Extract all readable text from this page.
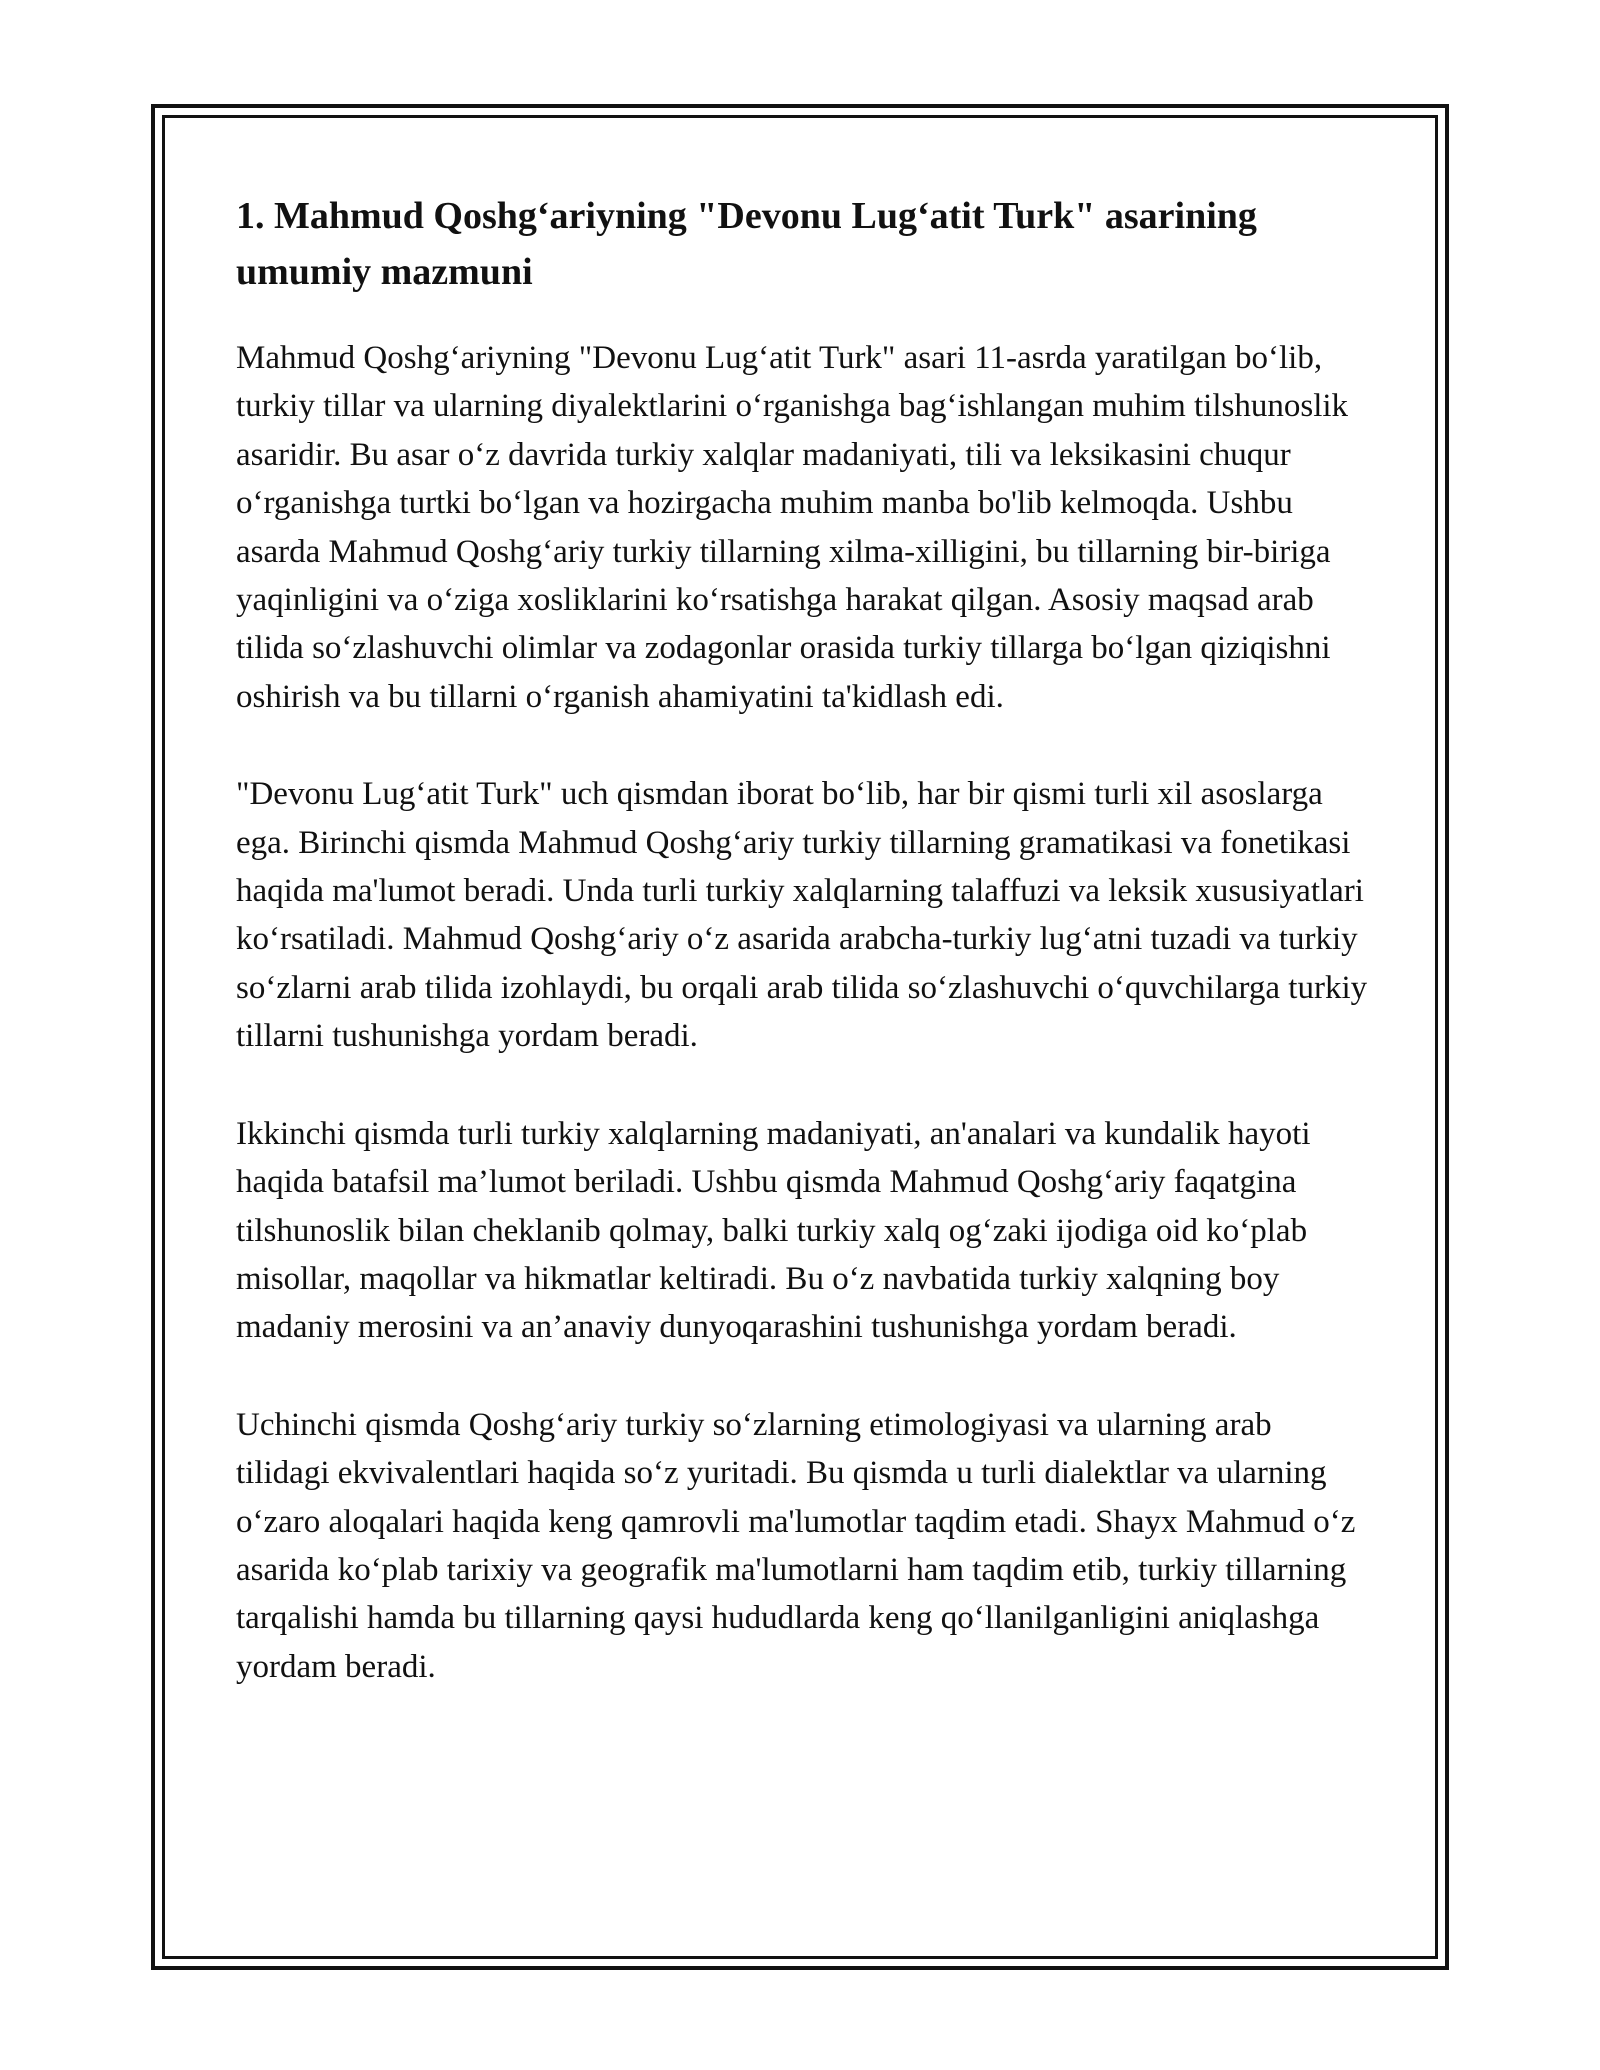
1. Mahmud Qoshg‘ariyning "Devonu Lug‘atit Turk" asarining umumiy mazmuni

Mahmud Qoshg‘ariyning "Devonu Lug‘atit Turk" asari 11-asrda yaratilgan bo‘lib, turkiy tillar va ularning diyalektlarini o‘rganishga bag‘ishlangan muhim tilshunoslik asaridir. Bu asar o‘z davrida turkiy xalqlar madaniyati, tili va leksikasini chuqur o‘rganishga turtki bo‘lgan va hozirgacha muhim manba bo'lib kelmoqda. Ushbu asarda Mahmud Qoshg‘ariy turkiy tillarning xilma-xilligini, bu tillarning bir-biriga yaqinligini va o‘ziga xosliklarini ko‘rsatishga harakat qilgan. Asosiy maqsad arab tilida so‘zlashuvchi olimlar va zodagonlar orasida turkiy tillarga bo‘lgan qiziqishni oshirish va bu tillarni o‘rganish ahamiyatini ta'kidlash edi.

"Devonu Lug‘atit Turk" uch qismdan iborat bo‘lib, har bir qismi turli xil asoslarga ega. Birinchi qismda Mahmud Qoshg‘ariy turkiy tillarning gramatikasi va fonetikasi haqida ma'lumot beradi. Unda turli turkiy xalqlarning talaffuzi va leksik xususiyatlari ko‘rsatiladi. Mahmud Qoshg‘ariy o‘z asarida arabcha-turkiy lug‘atni tuzadi va turkiy so‘zlarni arab tilida izohlaydi, bu orqali arab tilida so‘zlashuvchi o‘quvchilarga turkiy tillarni tushunishga yordam beradi.

Ikkinchi qismda turli turkiy xalqlarning madaniyati, an'analari va kundalik hayoti haqida batafsil ma’lumot beriladi. Ushbu qismda Mahmud Qoshg‘ariy faqatgina tilshunoslik bilan cheklanib qolmay, balki turkiy xalq og‘zaki ijodiga oid ko‘plab misollar, maqollar va hikmatlar keltiradi. Bu o‘z navbatida turkiy xalqning boy madaniy merosini va an’anaviy dunyoqarashini tushunishga yordam beradi.

Uchinchi qismda Qoshg‘ariy turkiy so‘zlarning etimologiyasi va ularning arab tilidagi ekvivalentlari haqida so‘z yuritadi. Bu qismda u turli dialektlar va ularning o‘zaro aloqalari haqida keng qamrovli ma'lumotlar taqdim etadi. Shayx Mahmud o‘z asarida ko‘plab tarixiy va geografik ma'lumotlarni ham taqdim etib, turkiy tillarning tarqalishi hamda bu tillarning qaysi hududlarda keng qo‘llanilganligini aniqlashga yordam beradi.
